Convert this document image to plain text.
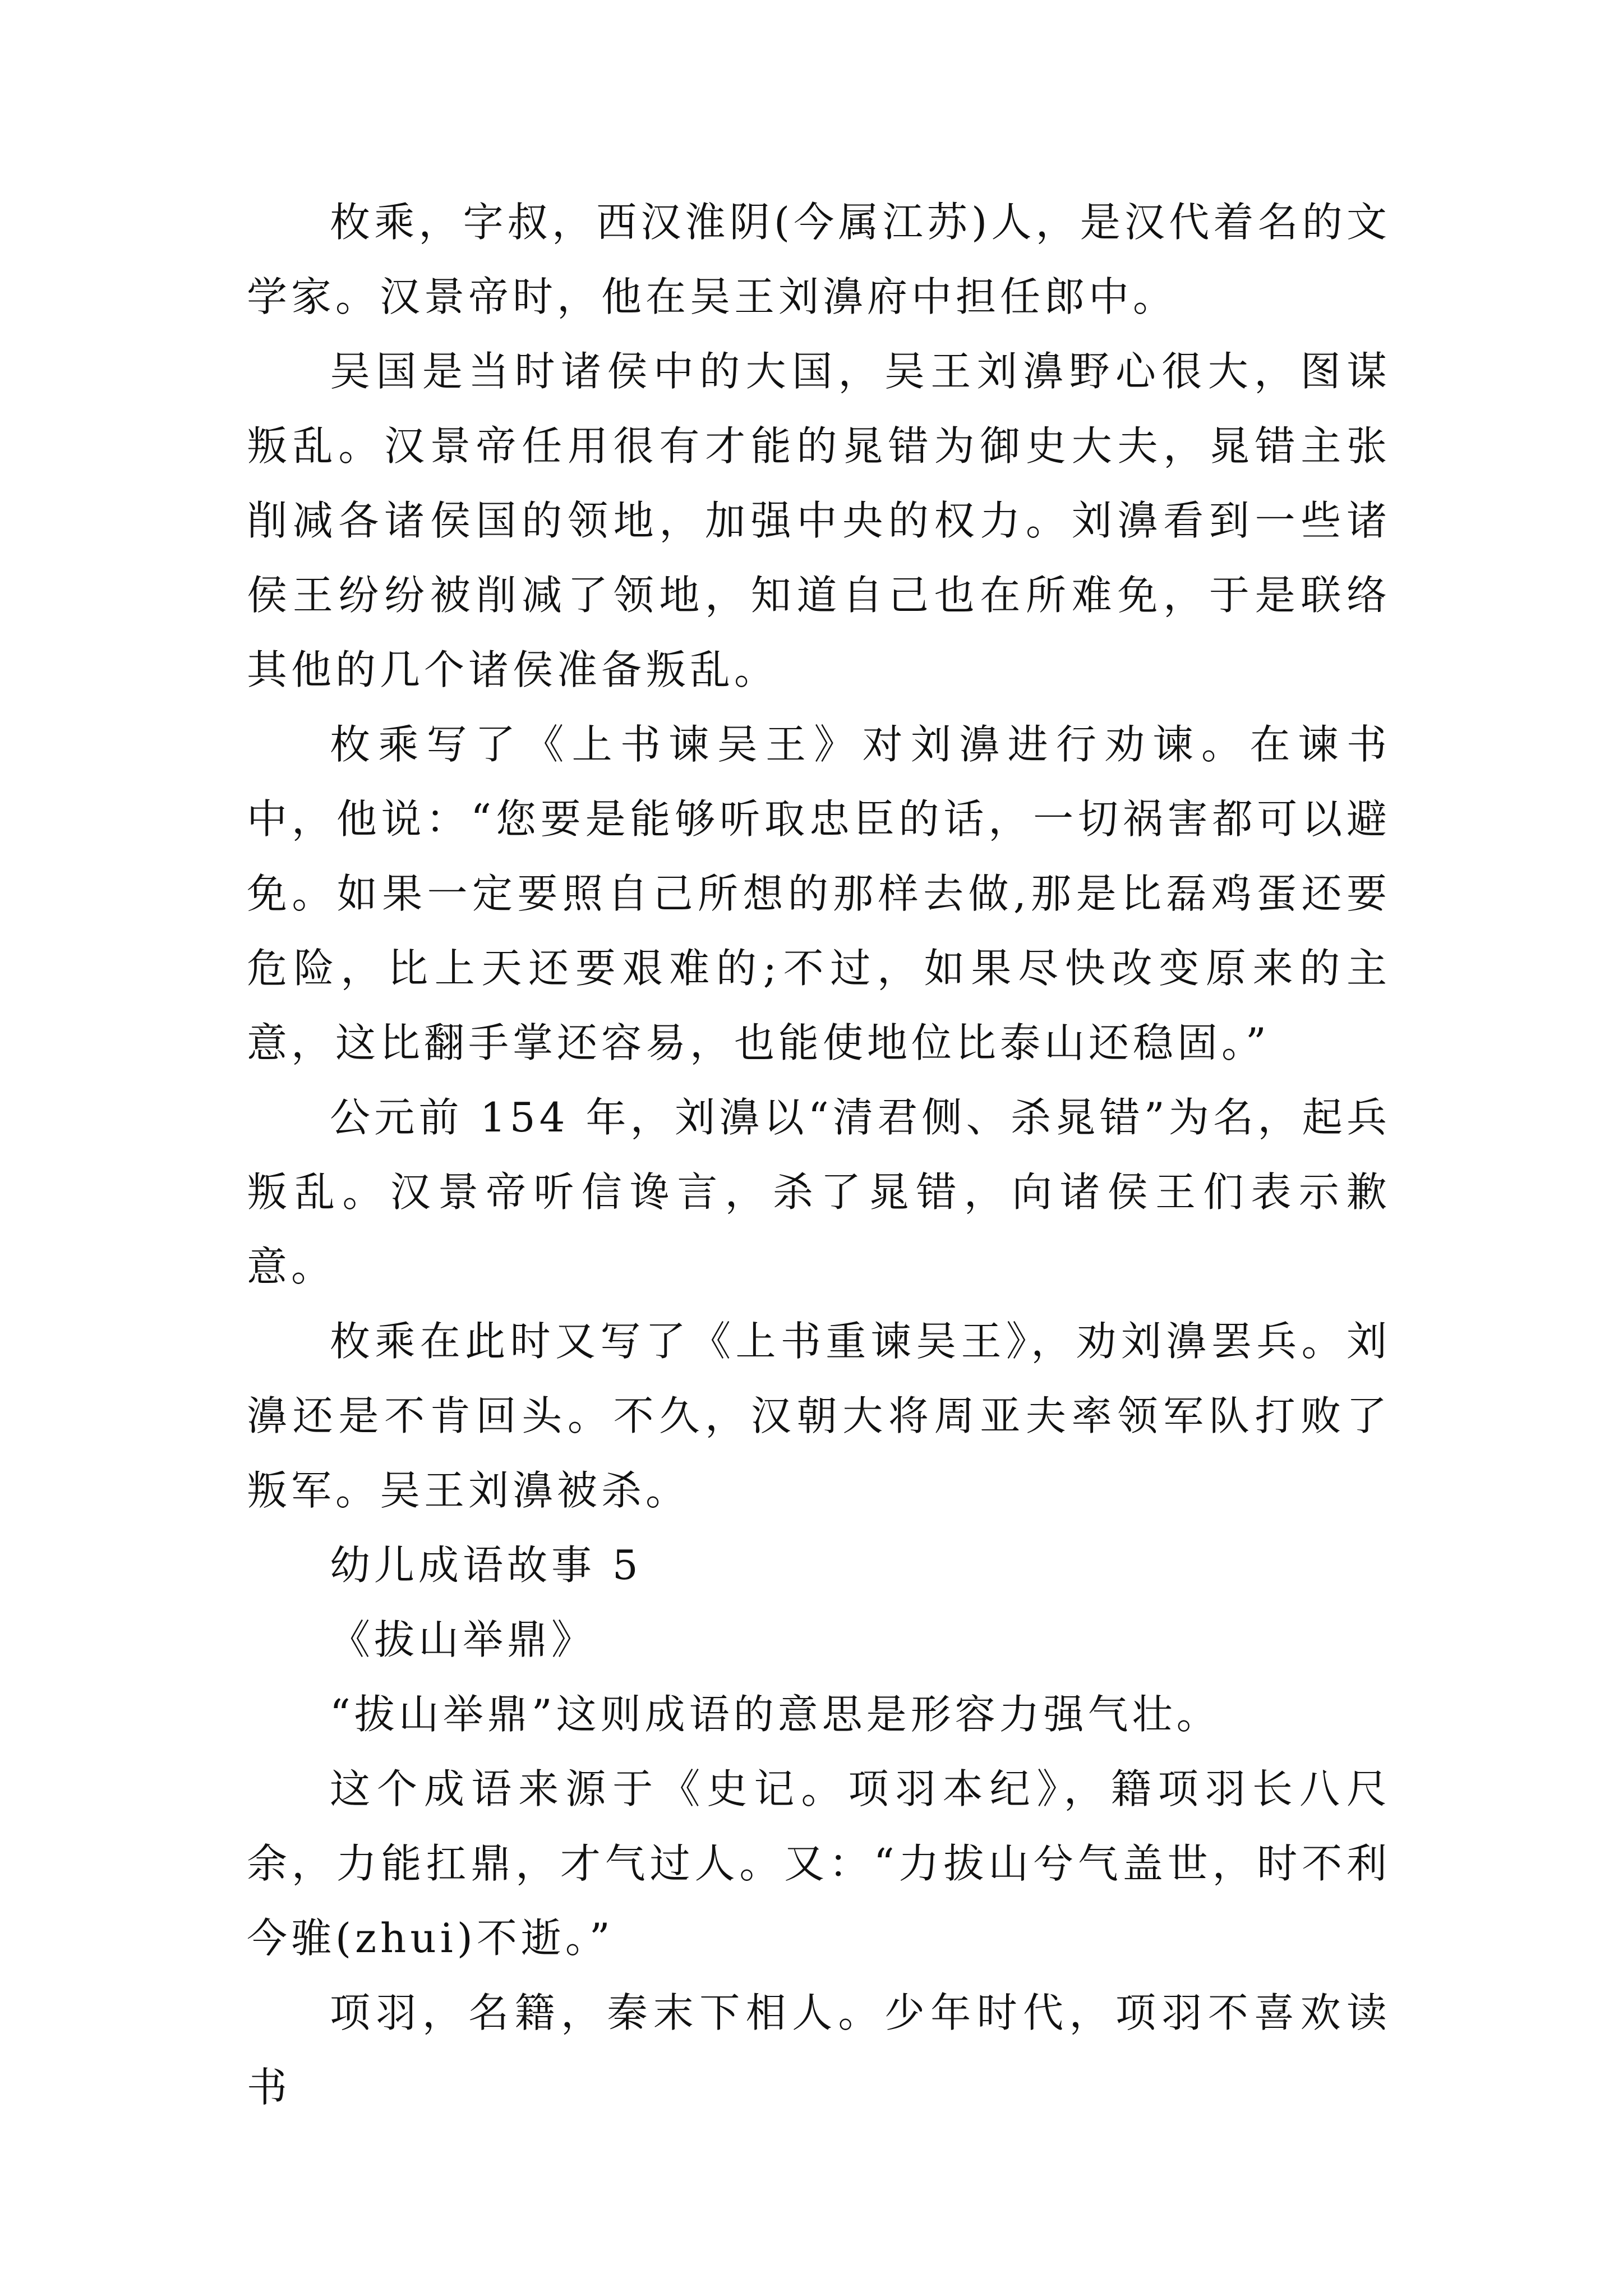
枚乘，字叔，西汉淮阴(今属江苏)人，是汉代着名的文学家。汉景帝时，他在吴王刘濞府中担任郎中。

吴国是当时诸侯中的大国，吴王刘濞野心很大，图谋叛乱。汉景帝任用很有才能的晁错为御史大夫，晁错主张削减各诸侯国的领地，加强中央的权力。刘濞看到一些诸侯王纷纷被削减了领地，知道自己也在所难免，于是联络其他的几个诸侯准备叛乱。

枚乘写了《上书谏吴王》对刘濞进行劝谏。在谏书中，他说：“您要是能够听取忠臣的话，一切祸害都可以避免。如果一定要照自己所想的那样去做,那是比磊鸡蛋还要危险，比上天还要艰难的;不过，如果尽快改变原来的主意，这比翻手掌还容易，也能使地位比泰山还稳固。”

公元前 154 年，刘濞以“清君侧、杀晁错”为名，起兵叛乱。汉景帝听信谗言，杀了晁错，向诸侯王们表示歉意。

枚乘在此时又写了《上书重谏吴王》，劝刘濞罢兵。刘濞还是不肯回头。不久，汉朝大将周亚夫率领军队打败了叛军。吴王刘濞被杀。

幼儿成语故事 5

《拔山举鼎》

“拔山举鼎”这则成语的意思是形容力强气壮。

这个成语来源于《史记。项羽本纪》，籍项羽长八尺余，力能扛鼎，才气过人。又：“力拔山兮气盖世，时不利今骓(zhui)不逝。”

项羽，名籍，秦末下相人。少年时代，项羽不喜欢读书
